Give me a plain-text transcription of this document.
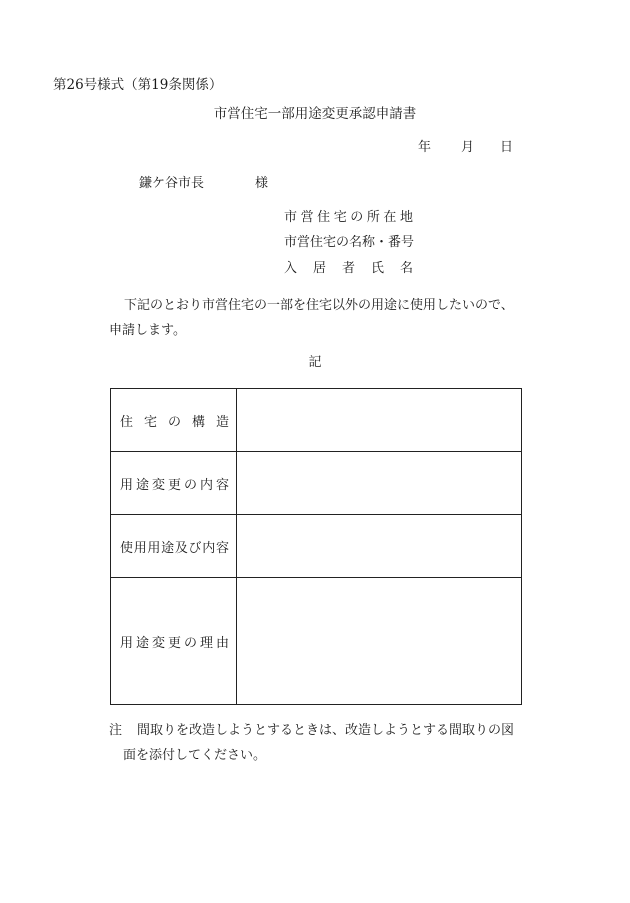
第26号様式（第19条関係）
市営住宅一部用途変更承認申請書
年 月 日
鎌ケ谷市長	様
市営住宅の所在地
市営住宅の名称・番号
入居者氏名
下記のとおり市営住宅の一部を住宅以外の用途に使用したいので、申請します。
記
住宅の構造	

用途変更の内容	

使用用途及び内容	

用途変更の理由	

注 間取りを改造しようとするときは、改造しようとする間取りの図面を添付してください。
